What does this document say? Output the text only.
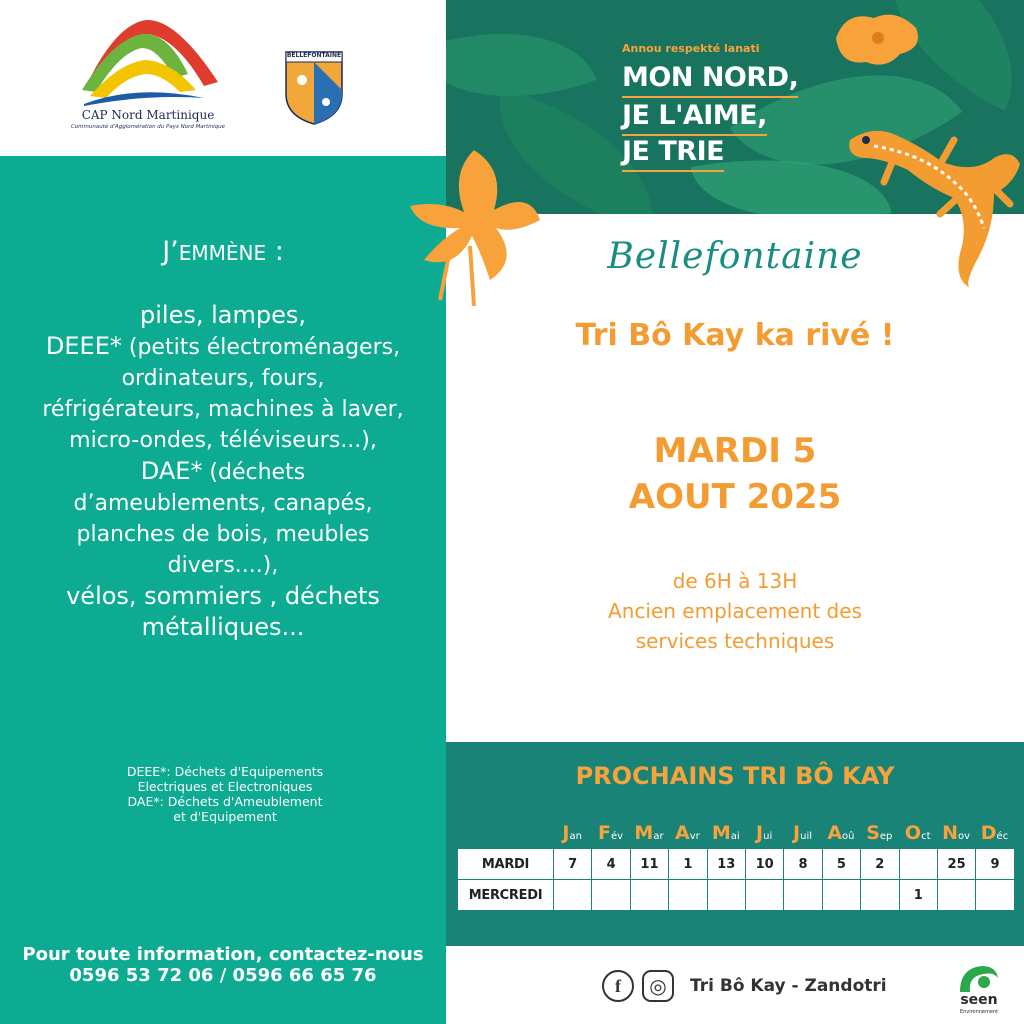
CAP Nord Martinique
Communauté d'Agglomération du Pays Nord Martinique
BELLEFONTAINE
J’EMMÈNE :
piles, lampes,
DEEE* (petits électroménagers,
ordinateurs, fours,
réfrigérateurs, machines à laver,
micro-ondes, téléviseurs...),
DAE* (déchets
d’ameublements, canapés,
planches de bois, meubles
divers....),
vélos, sommiers , déchets
métalliques...
DEEE*: Déchets d'Equipements
Electriques et Electroniques
DAE*: Déchets d'Ameublement
et d'Equipement
Pour toute information, contactez-nous
0596 53 72 06 / 0596 66 65 76
Annou respekté lanati
MON NORD,
JE L'AIME,
JE TRIE
Bellefontaine
Tri Bô Kay ka rivé !
MARDI 5
AOUT 2025
de 6H à 13H
Ancien emplacement des
services techniques
PROCHAINS TRI BÔ KAY
Jan Fév Mar Avr Mai Jui	Juil Aoû Sep Oct Nov Déc
MARDI	7	4	11	1	13	10	8	5	2		25	9
MERCREDI										1		
f	◎	Tri Bô Kay - Zandotri
seen
Environnement
